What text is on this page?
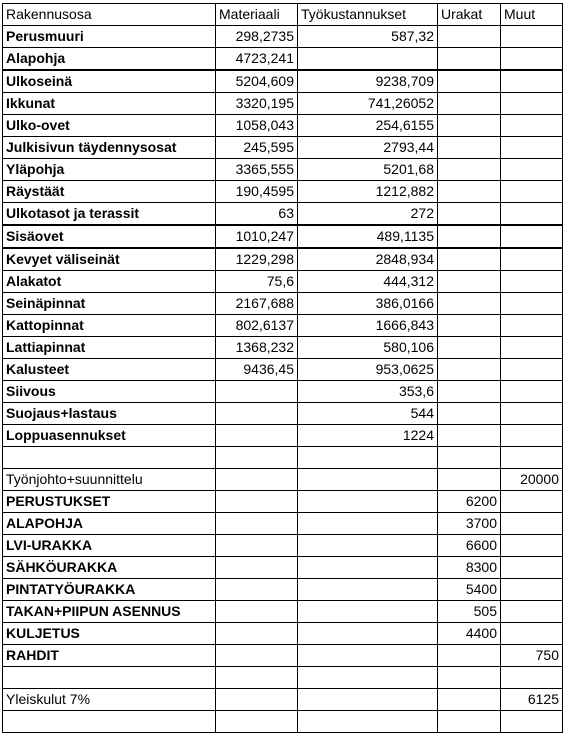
Rakennusosa	Materiaali	Työkustannukset	Urakat	Muut
Perusmuuri	298,2735	587,32		
Alapohja	4723,241			
Ulkoseinä	5204,609	9238,709		
Ikkunat	3320,195	741,26052		
Ulko-ovet	1058,043	254,6155		
Julkisivun täydennysosat	245,595	2793,44		
Yläpohja	3365,555	5201,68		
Räystäät	190,4595	1212,882		
Ulkotasot ja terassit	63	272		
Sisäovet	1010,247	489,1135		
Kevyet väliseinät	1229,298	2848,934		
Alakatot	75,6	444,312		
Seinäpinnat	2167,688	386,0166		
Kattopinnat	802,6137	1666,843		
Lattiapinnat	1368,232	580,106		
Kalusteet	9436,45	953,0625		
Siivous		353,6		
Suojaus+lastaus		544		
Loppuasennukset		1224		

Työnjohto+suunnittelu				20000
PERUSTUKSET			6200	
ALAPOHJA			3700	
LVI-URAKKA			6600	
SÄHKÖURAKKA			8300	
PINTATYÖURAKKA			5400	
TAKAN+PIIPUN ASENNUS			505	
KULJETUS			4400	
RAHDIT				750

Yleiskulut 7%				6125
